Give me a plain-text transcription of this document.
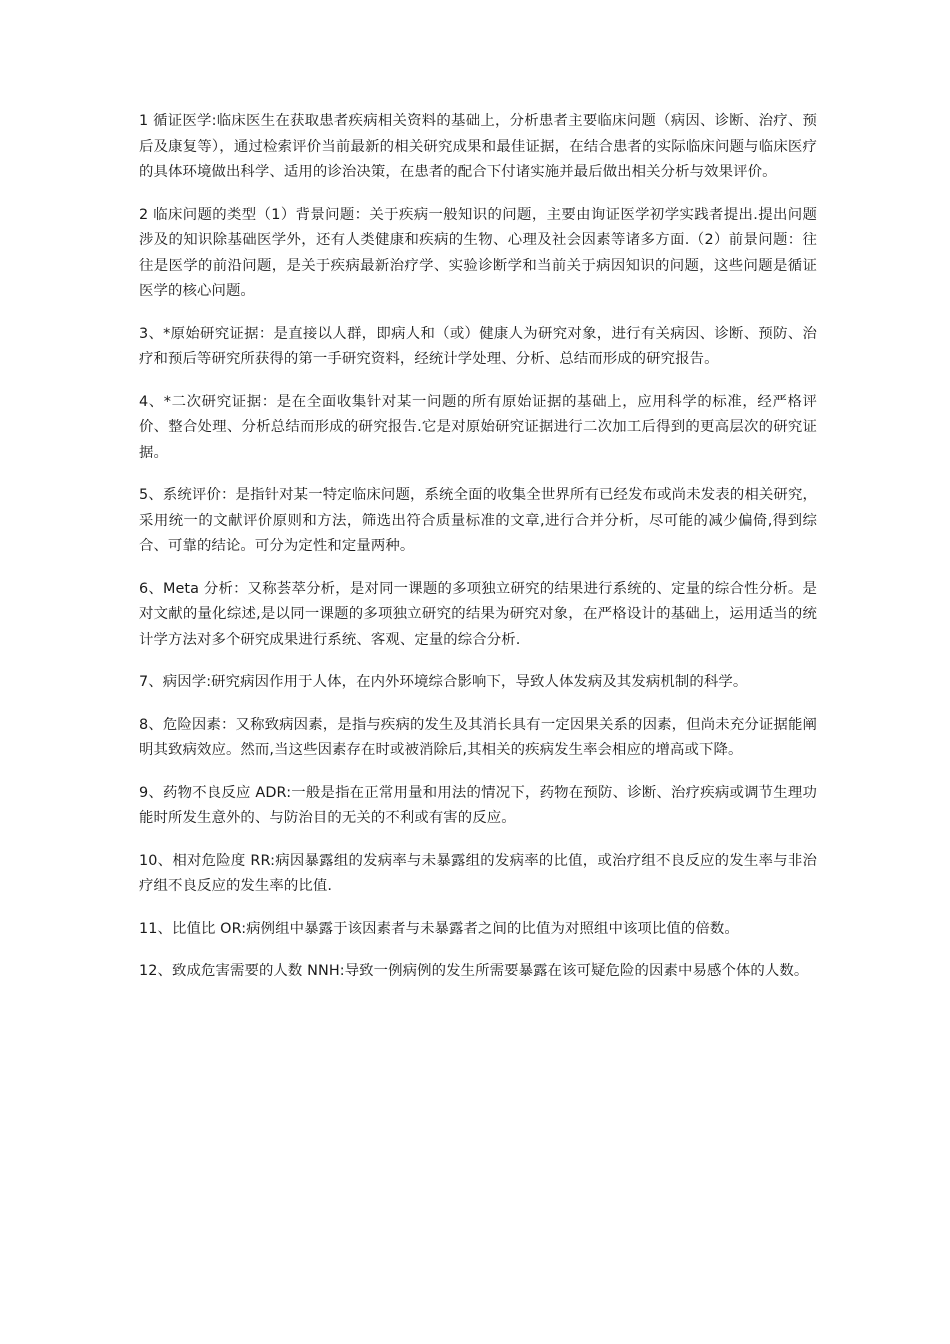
1 循证医学:临床医生在获取患者疾病相关资料的基础上，分析患者主要临床问题（病因、诊断、治疗、预后及康复等），通过检索评价当前最新的相关研究成果和最佳证据，在结合患者的实际临床问题与临床医疗的具体环境做出科学、适用的诊治决策，在患者的配合下付诸实施并最后做出相关分析与效果评价。

2 临床问题的类型（1）背景问题：关于疾病一般知识的问题，主要由询证医学初学实践者提出.提出问题涉及的知识除基础医学外，还有人类健康和疾病的生物、心理及社会因素等诸多方面.（2）前景问题：往往是医学的前沿问题，是关于疾病最新治疗学、实验诊断学和当前关于病因知识的问题，这些问题是循证医学的核心问题。

3、*原始研究证据：是直接以人群，即病人和（或）健康人为研究对象，进行有关病因、诊断、预防、治疗和预后等研究所获得的第一手研究资料，经统计学处理、分析、总结而形成的研究报告。

4、*二次研究证据：是在全面收集针对某一问题的所有原始证据的基础上，应用科学的标准，经严格评价、整合处理、分析总结而形成的研究报告.它是对原始研究证据进行二次加工后得到的更高层次的研究证据。

5、系统评价：是指针对某一特定临床问题，系统全面的收集全世界所有已经发布或尚未发表的相关研究，采用统一的文献评价原则和方法，筛选出符合质量标准的文章,进行合并分析，尽可能的减少偏倚,得到综合、可靠的结论。可分为定性和定量两种。

6、Meta 分析：又称荟萃分析，是对同一课题的多项独立研究的结果进行系统的、定量的综合性分析。是对文献的量化综述,是以同一课题的多项独立研究的结果为研究对象，在严格设计的基础上，运用适当的统计学方法对多个研究成果进行系统、客观、定量的综合分析.

7、病因学:研究病因作用于人体，在内外环境综合影响下，导致人体发病及其发病机制的科学。

8、危险因素：又称致病因素，是指与疾病的发生及其消长具有一定因果关系的因素，但尚未充分证据能阐明其致病效应。然而,当这些因素存在时或被消除后,其相关的疾病发生率会相应的增高或下降。

9、药物不良反应 ADR:一般是指在正常用量和用法的情况下，药物在预防、诊断、治疗疾病或调节生理功能时所发生意外的、与防治目的无关的不利或有害的反应。

10、相对危险度 RR:病因暴露组的发病率与未暴露组的发病率的比值，或治疗组不良反应的发生率与非治疗组不良反应的发生率的比值.

11、比值比 OR:病例组中暴露于该因素者与未暴露者之间的比值为对照组中该项比值的倍数。

12、致成危害需要的人数 NNH:导致一例病例的发生所需要暴露在该可疑危险的因素中易感个体的人数。
